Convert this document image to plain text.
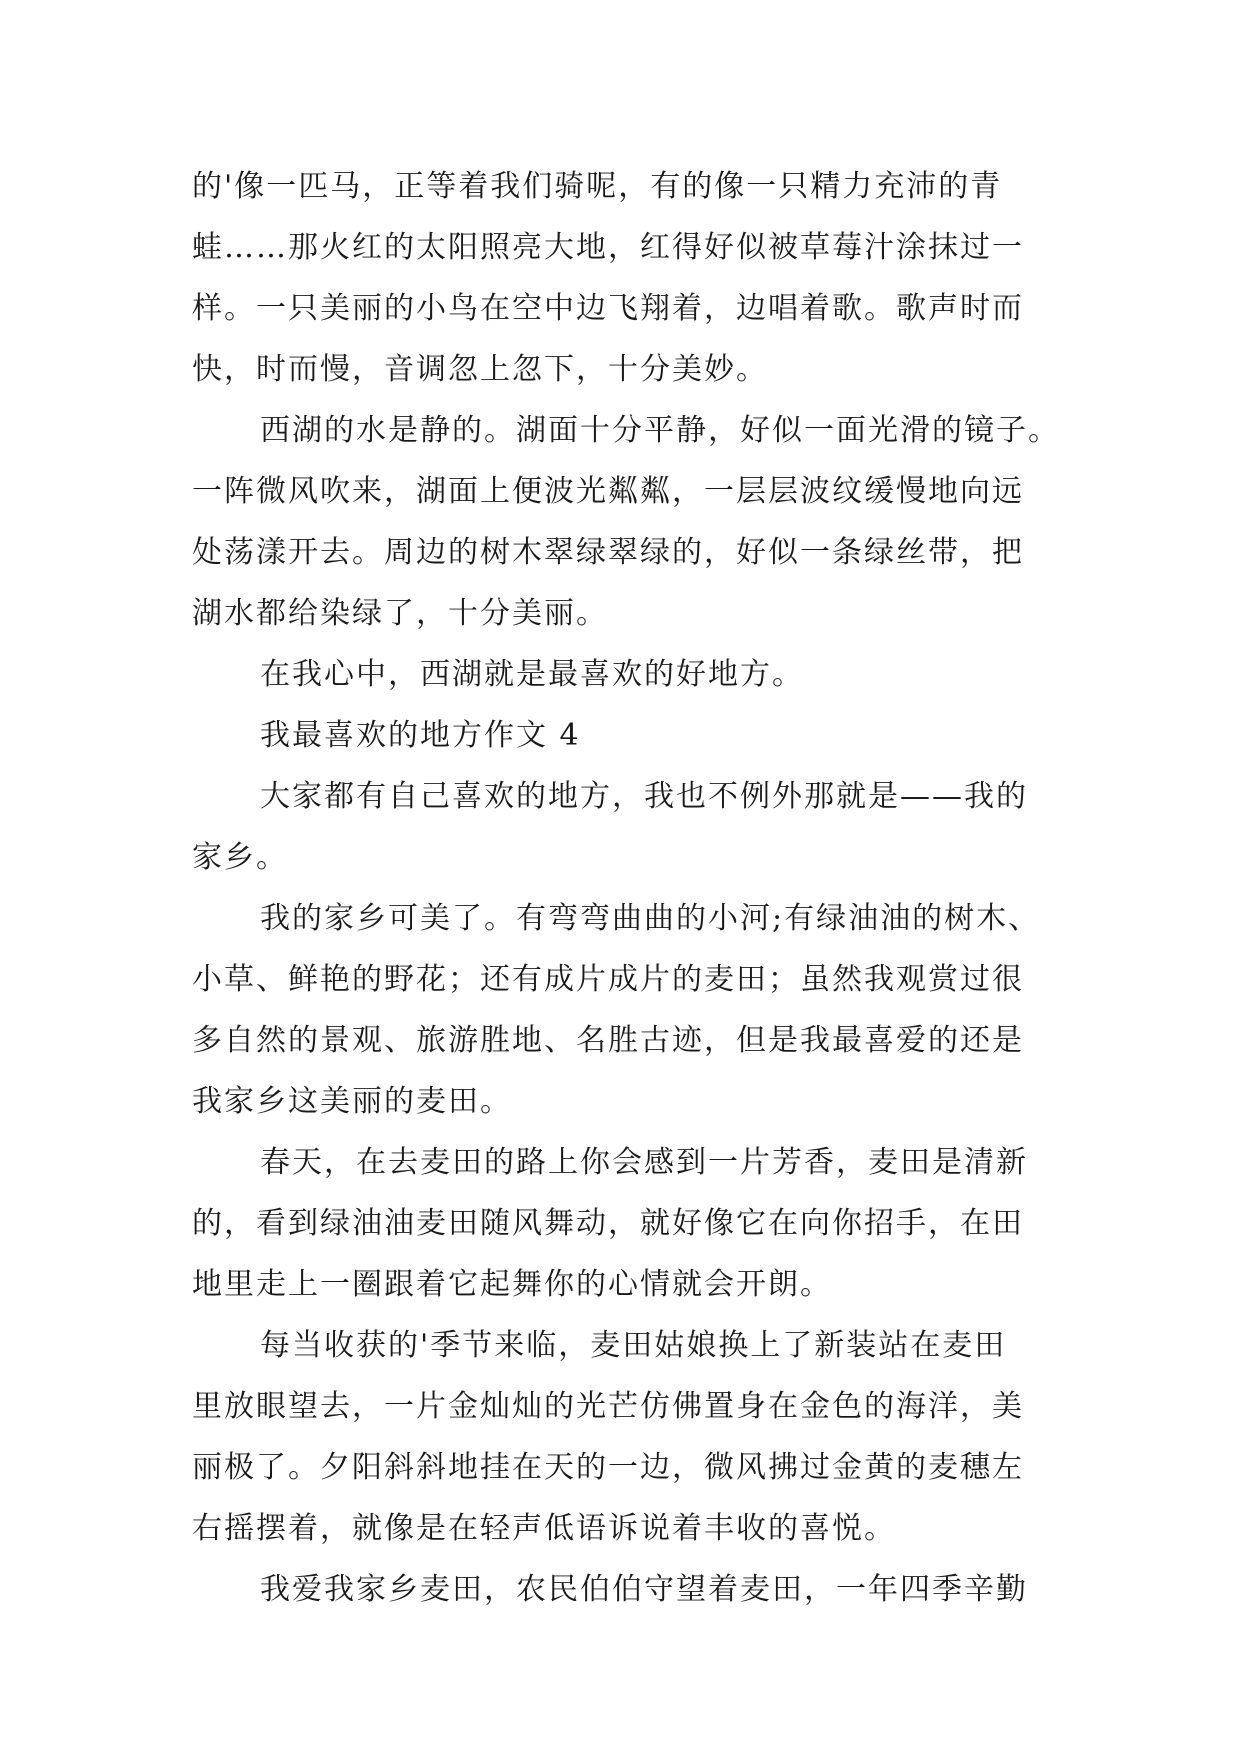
的'像一匹马，正等着我们骑呢，有的像一只精力充沛的青
蛙……那火红的太阳照亮大地，红得好似被草莓汁涂抹过一
样。一只美丽的小鸟在空中边飞翔着，边唱着歌。歌声时而
快，时而慢，音调忽上忽下，十分美妙。
西湖的水是静的。湖面十分平静，好似一面光滑的镜子。
一阵微风吹来，湖面上便波光粼粼，一层层波纹缓慢地向远
处荡漾开去。周边的树木翠绿翠绿的，好似一条绿丝带，把
湖水都给染绿了，十分美丽。
在我心中，西湖就是最喜欢的好地方。
我最喜欢的地方作文 4
大家都有自己喜欢的地方，我也不例外那就是——我的
家乡。
我的家乡可美了。有弯弯曲曲的小河;有绿油油的树木、
小草、鲜艳的野花；还有成片成片的麦田；虽然我观赏过很
多自然的景观、旅游胜地、名胜古迹，但是我最喜爱的还是
我家乡这美丽的麦田。
春天，在去麦田的路上你会感到一片芳香，麦田是清新
的，看到绿油油麦田随风舞动，就好像它在向你招手，在田
地里走上一圈跟着它起舞你的心情就会开朗。
每当收获的'季节来临，麦田姑娘换上了新装站在麦田
里放眼望去，一片金灿灿的光芒仿佛置身在金色的海洋，美
丽极了。夕阳斜斜地挂在天的一边，微风拂过金黄的麦穗左
右摇摆着，就像是在轻声低语诉说着丰收的喜悦。
我爱我家乡麦田，农民伯伯守望着麦田，一年四季辛勤
